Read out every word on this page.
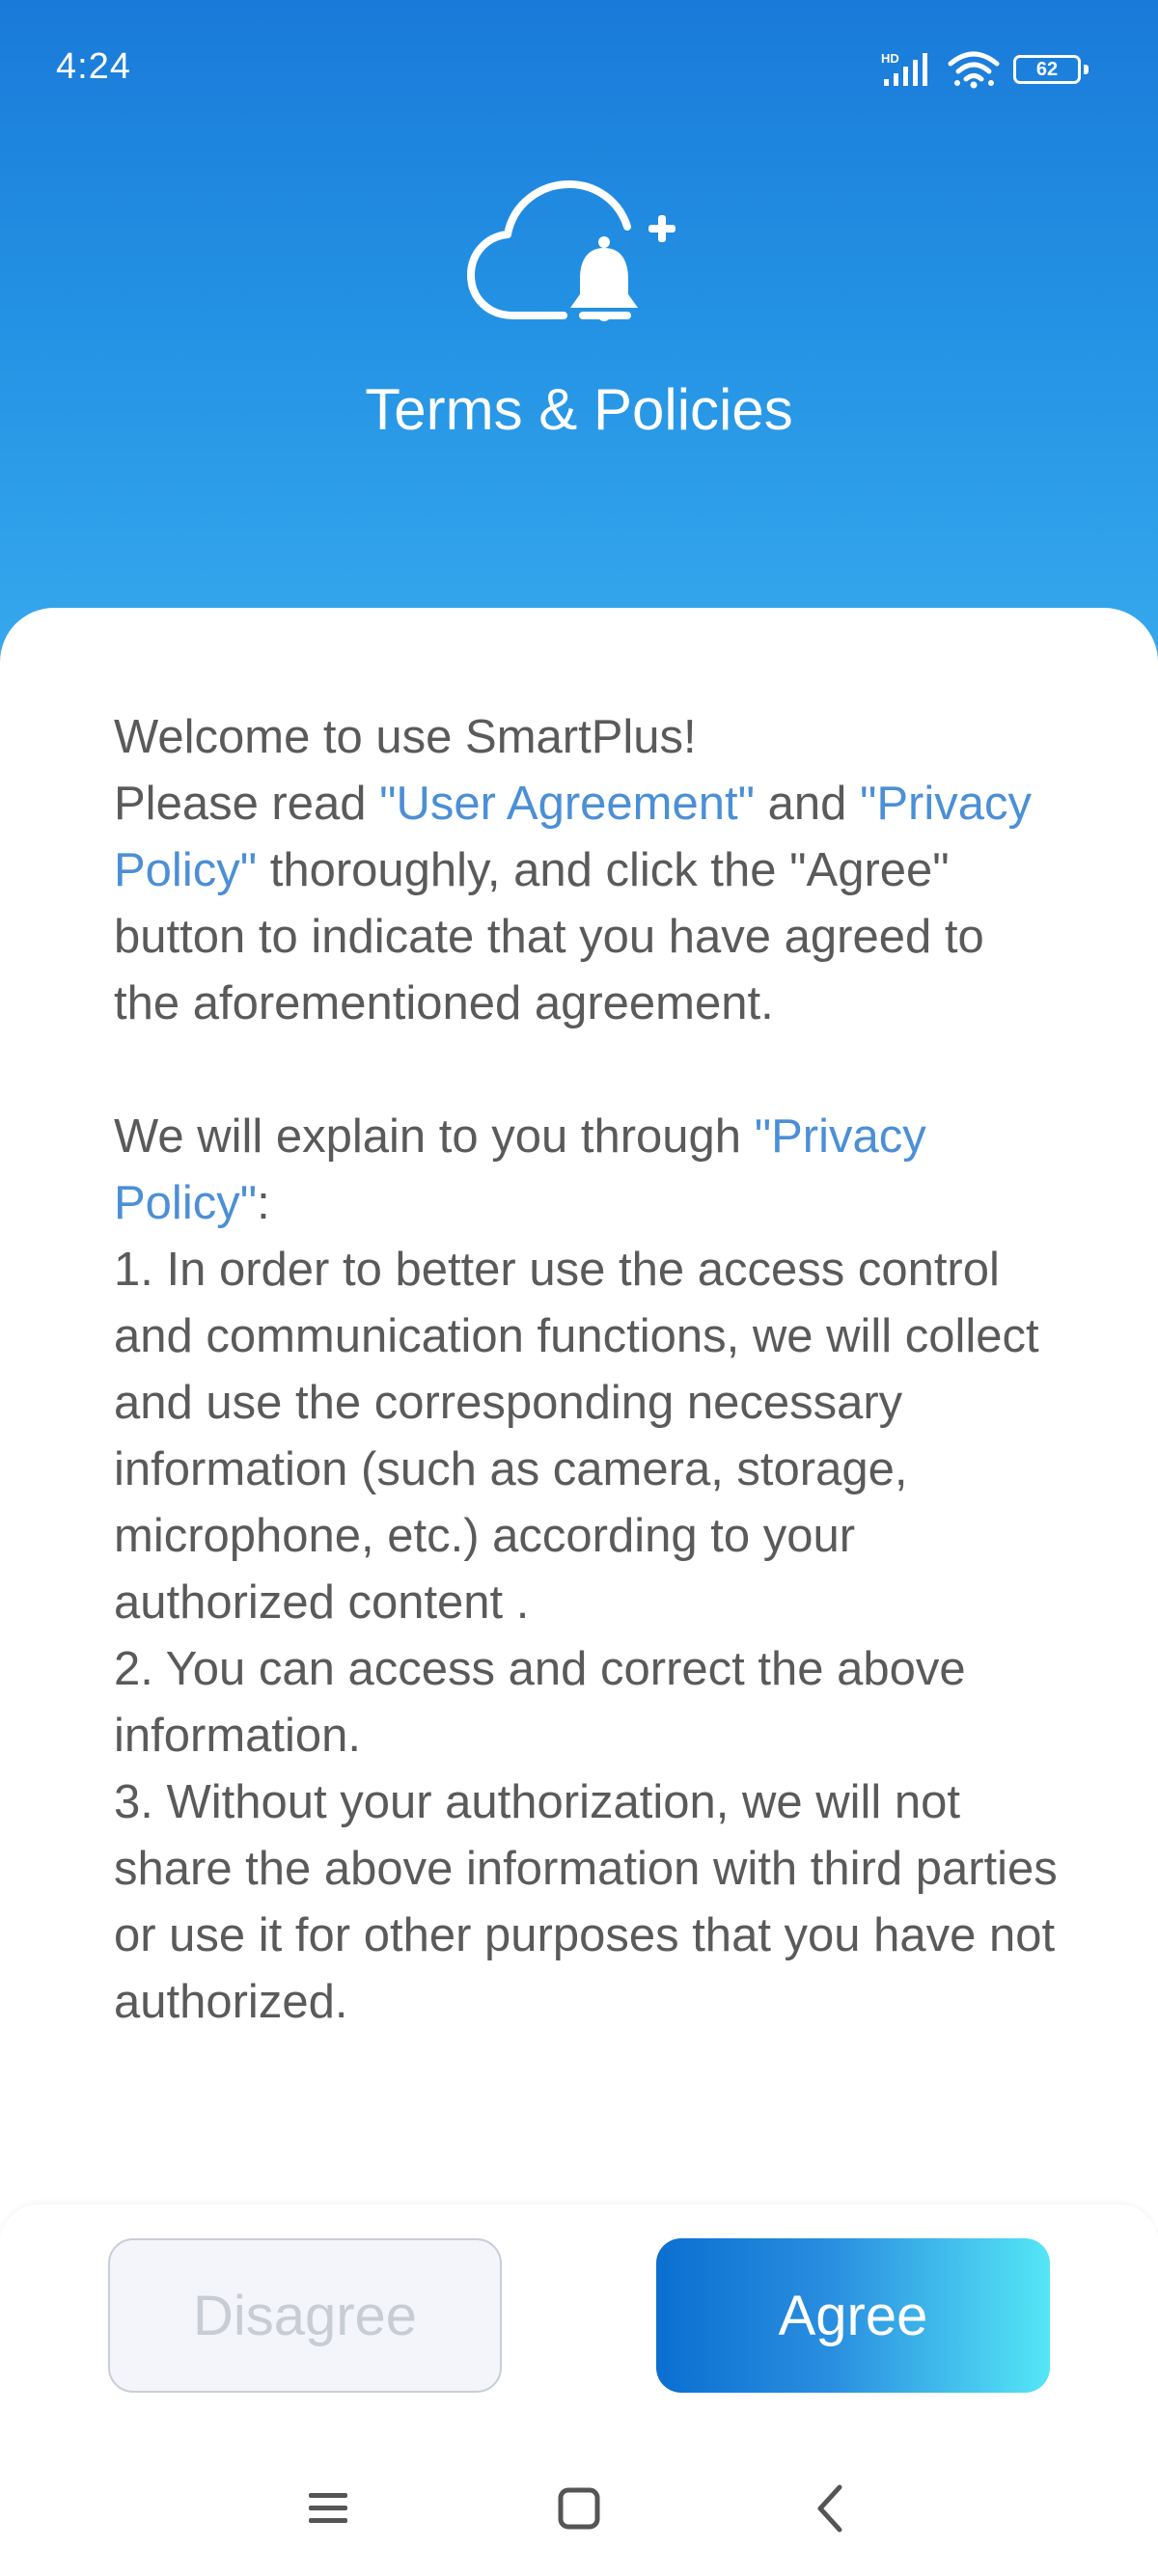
4:24	HD
62
Terms & Policies

Welcome to use SmartPlus!

Please read "User Agreement" and "Privacy Policy" thoroughly, and click the "Agree" button to indicate that you have agreed to the aforementioned agreement.

We will explain to you through "Privacy Policy":

1. In order to better use the access control and communication functions, we will collect and use the corresponding necessary information (such as camera, storage, microphone, etc.) according to your authorized content .

2. You can access and correct the above information.

3. Without your authorization, we will not share the above information with third parties or use it for other purposes that you have not authorized.

Disagree	Agree
